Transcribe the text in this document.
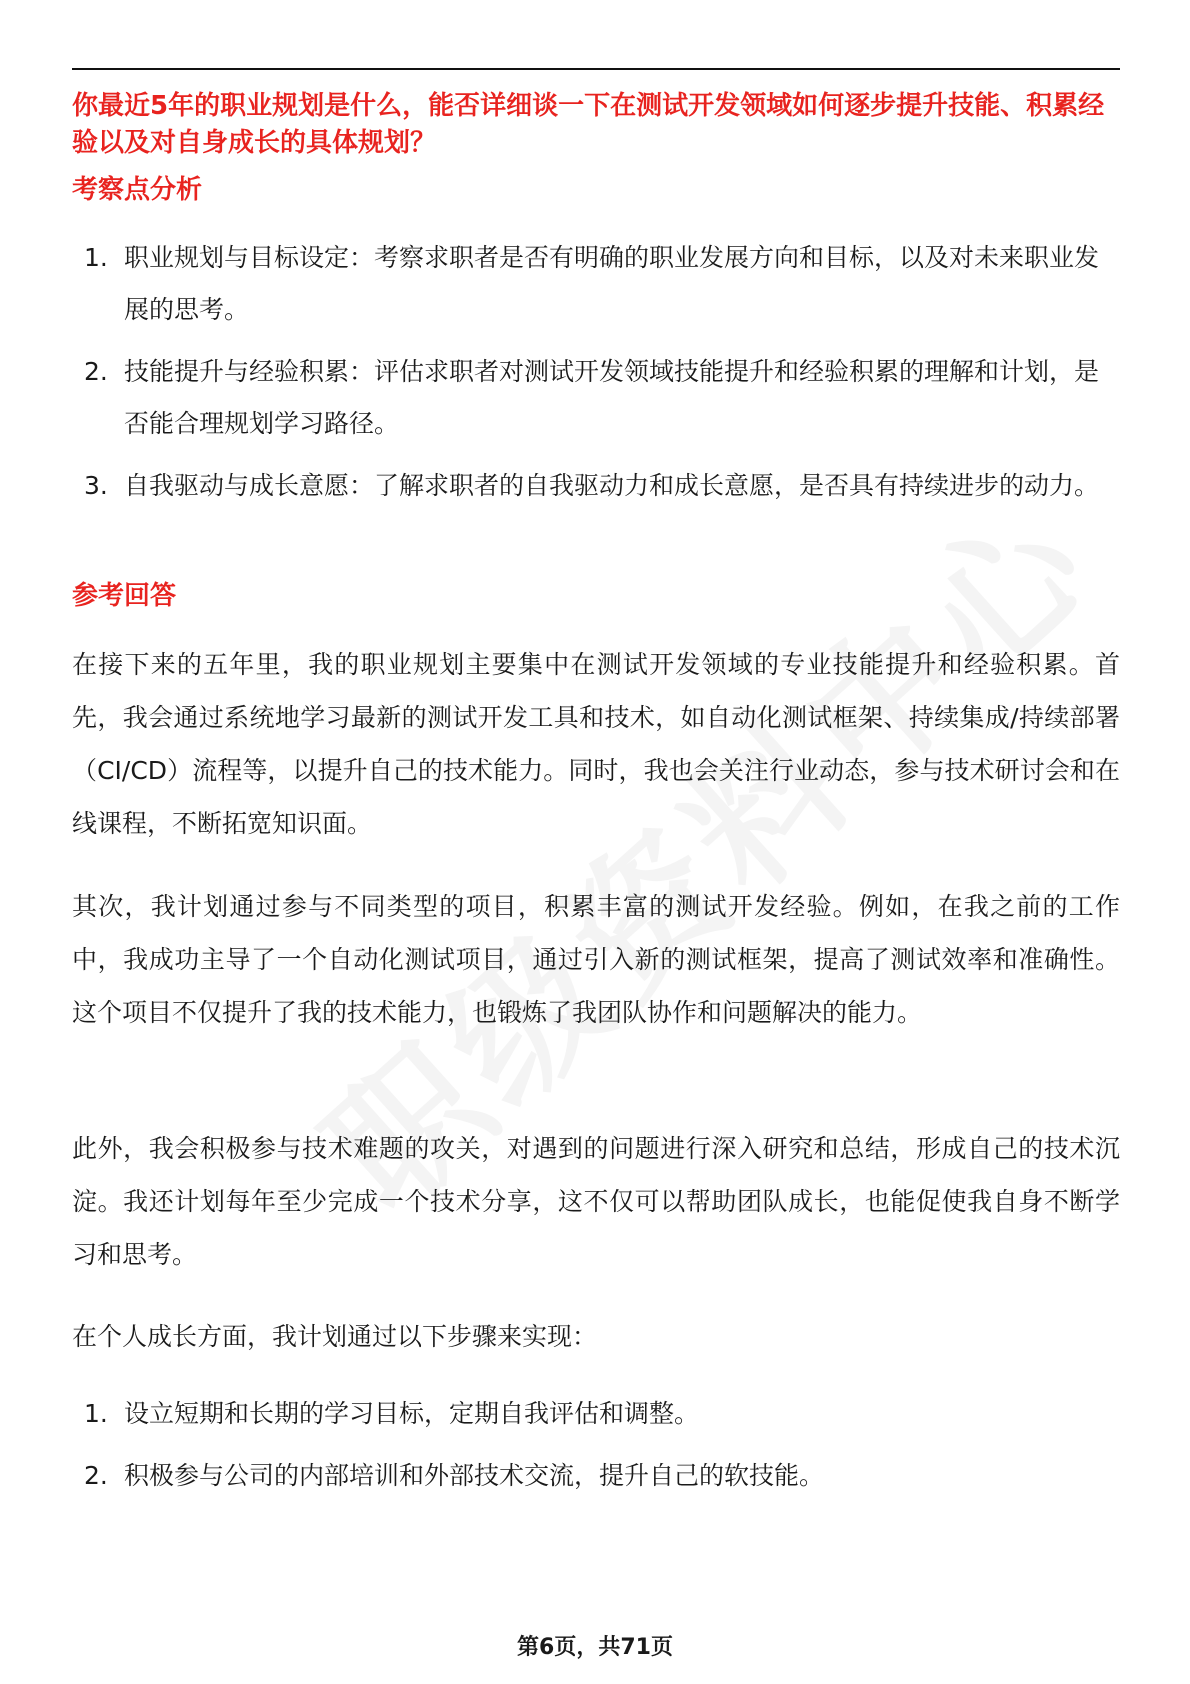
你最近5年的职业规划是什么，能否详细谈一下在测试开发领域如何逐步提升技能、积累经验以及对自身成长的具体规划？

考察点分析
1. 职业规划与目标设定：考察求职者是否有明确的职业发展方向和目标，以及对未来职业发展的思考。
2. 技能提升与经验积累：评估求职者对测试开发领域技能提升和经验积累的理解和计划，是否能合理规划学习路径。
3. 自我驱动与成长意愿：了解求职者的自我驱动力和成长意愿，是否具有持续进步的动力。
参考回答

在接下来的五年里，我的职业规划主要集中在测试开发领域的专业技能提升和经验积累。首先，我会通过系统地学习最新的测试开发工具和技术，如自动化测试框架、持续集成/持续部署（CI/CD）流程等，以提升自己的技术能力。同时，我也会关注行业动态，参与技术研讨会和在线课程，不断拓宽知识面。

其次，我计划通过参与不同类型的项目，积累丰富的测试开发经验。例如，在我之前的工作中，我成功主导了一个自动化测试项目，通过引入新的测试框架，提高了测试效率和准确性。这个项目不仅提升了我的技术能力，也锻炼了我团队协作和问题解决的能力。

此外，我会积极参与技术难题的攻关，对遇到的问题进行深入研究和总结，形成自己的技术沉淀。我还计划每年至少完成一个技术分享，这不仅可以帮助团队成长，也能促使我自身不断学习和思考。

在个人成长方面，我计划通过以下步骤来实现：

1. 设立短期和长期的学习目标，定期自我评估和调整。
2. 积极参与公司的内部培训和外部技术交流，提升自己的软技能。
第6页，共71页
